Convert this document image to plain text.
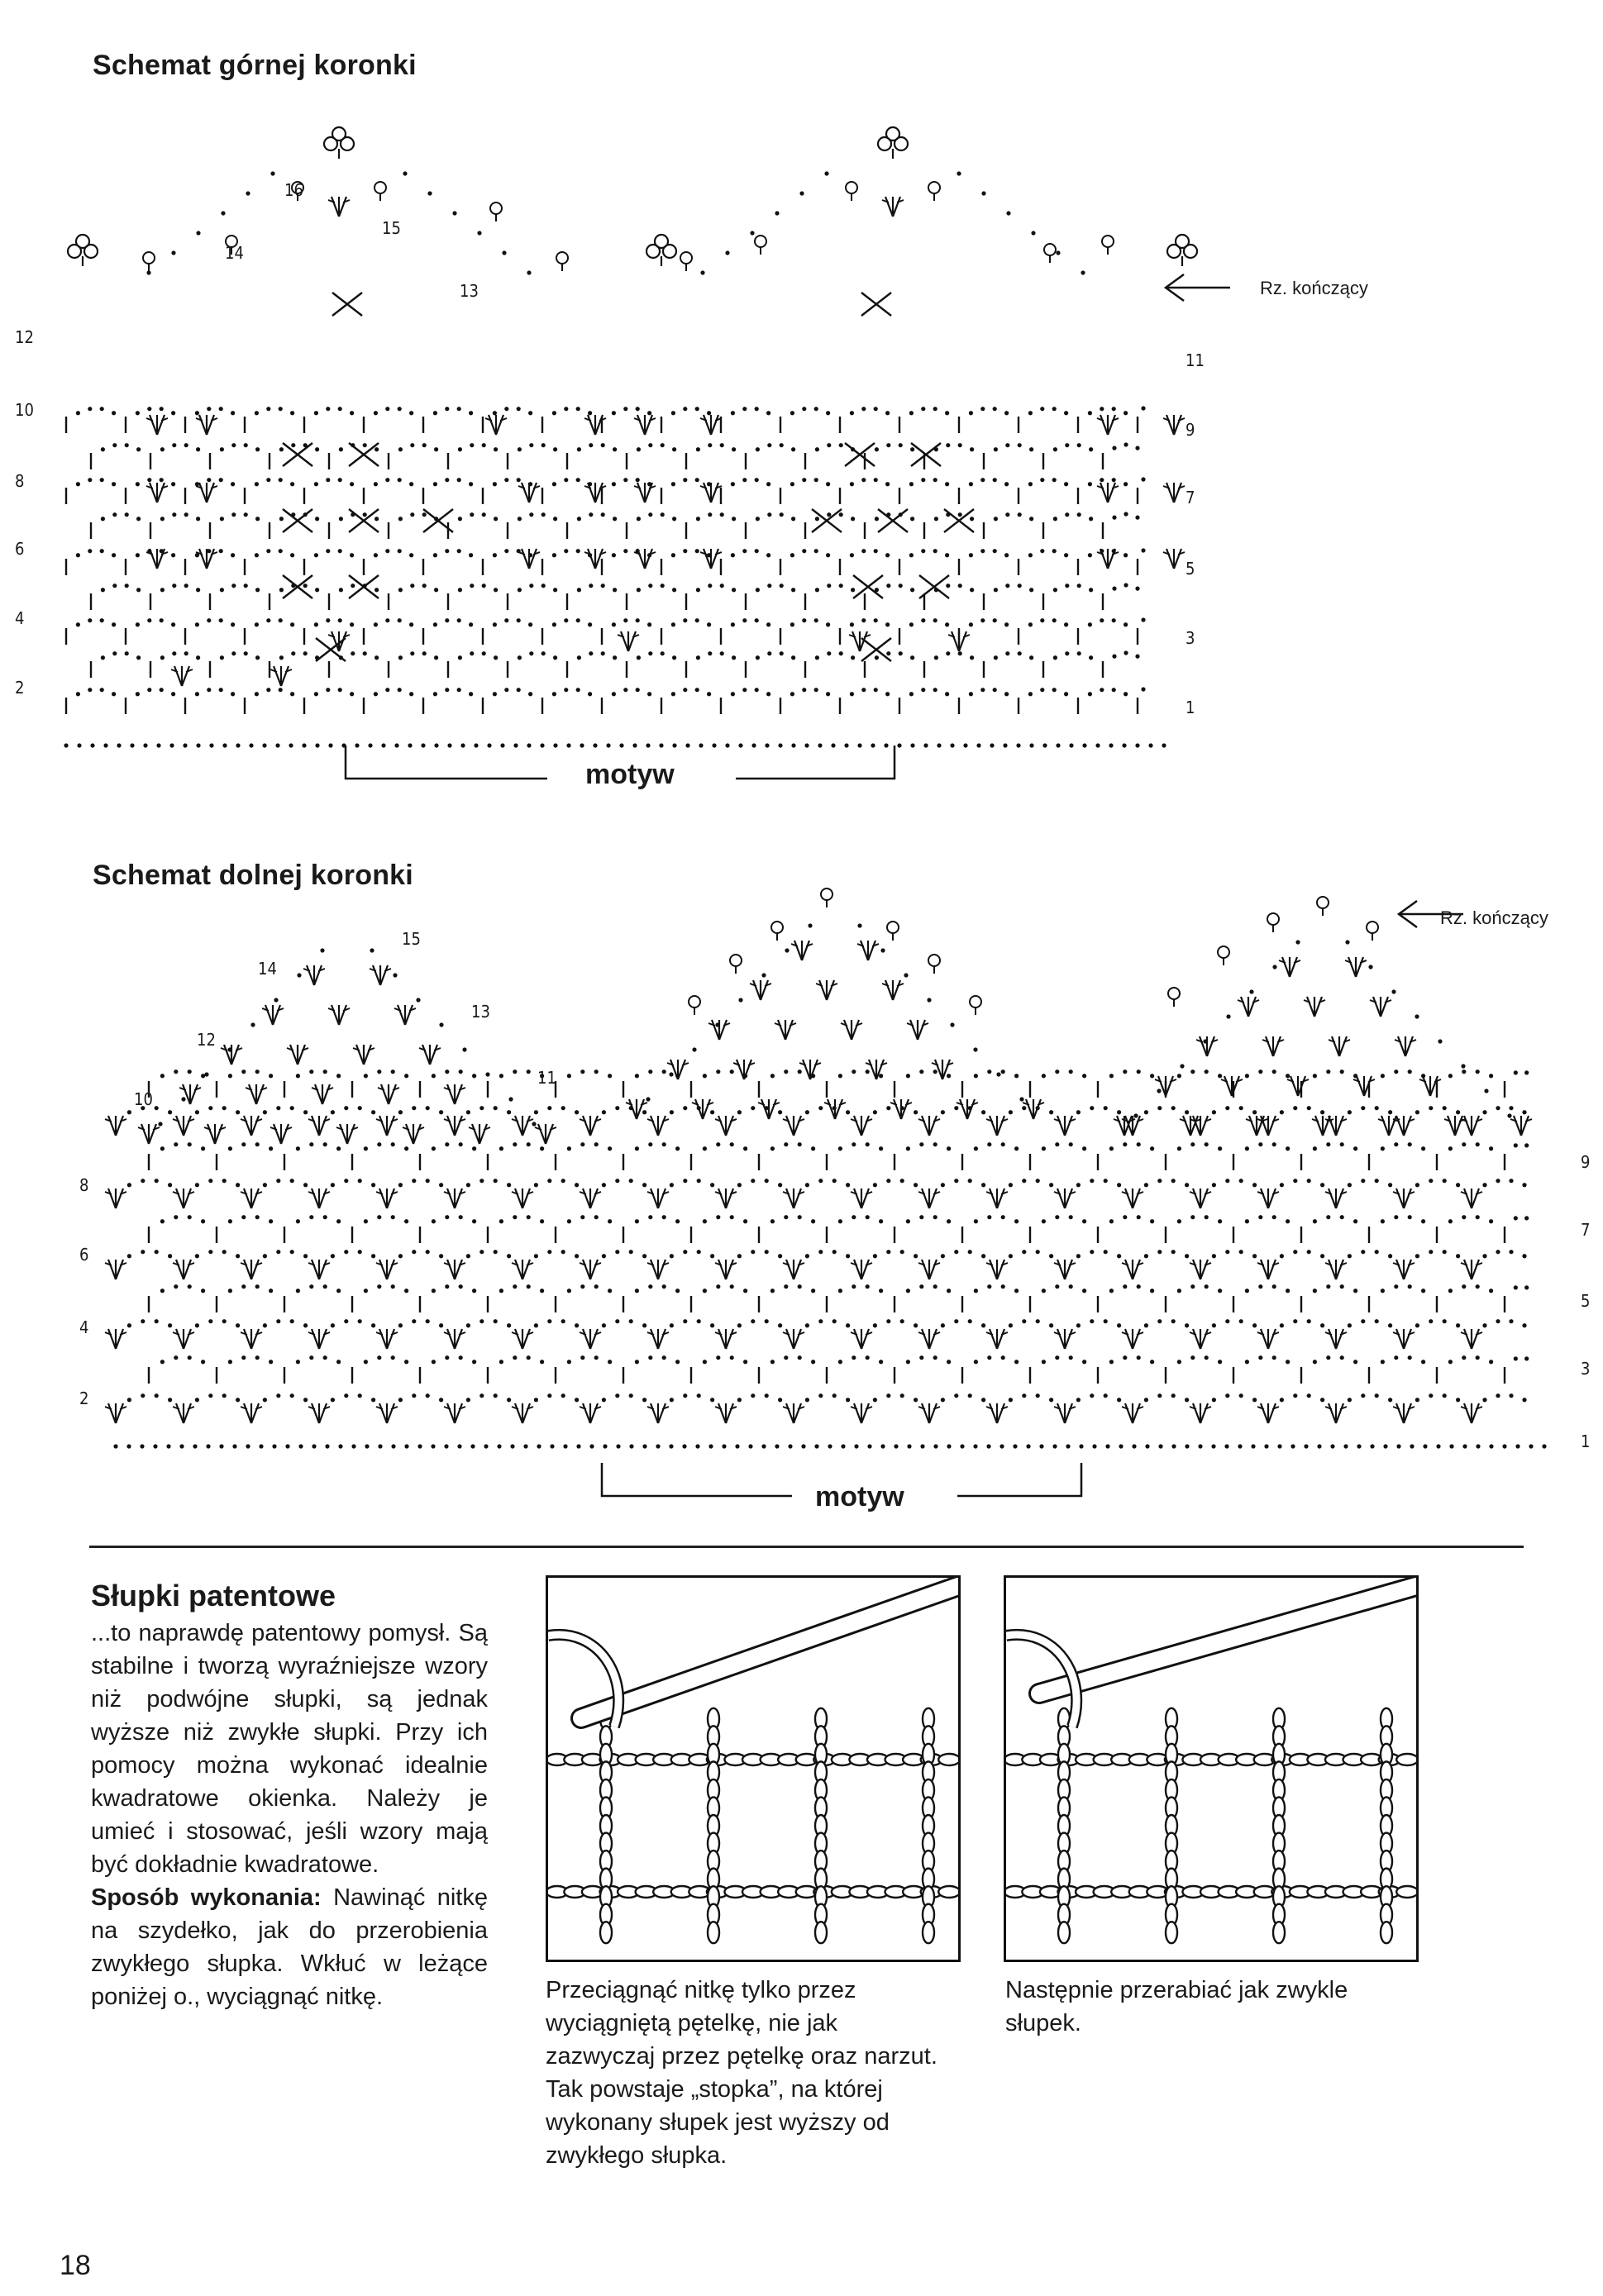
Schemat górnej koronki
Rz. kończący
motyw
12
10
8
6
4
2
11
9
7
5
3
1
16
15
14
13
Schemat dolnej koronki
Rz. kończący
motyw
8
6
4
2
9
7
5
3
1
15
14
13
12
11
10
Słupki patentowe
...to naprawdę patentowy pomysł. Są stabilne i tworzą wyraźniejsze wzory niż podwójne słupki, są jednak wyższe niż zwykłe słupki. Przy ich pomocy można wykonać idealnie kwadratowe okienka. Należy je umieć i stosować, jeśli wzory mają być dokładnie kwadratowe.
Sposób wykonania: Nawinąć nitkę na szydełko, jak do przerobienia zwykłego słupka. Wkłuć w leżące poniżej o., wyciągnąć nitkę.	Przeciągnąć nitkę tylko przez wyciągniętą pętelkę, nie jak zazwyczaj przez pętelkę oraz narzut. Tak powstaje „stopka”, na której wykonany słupek jest wyższy od zwykłego słupka.
Następnie przerabiać jak zwykle słupek.
18
